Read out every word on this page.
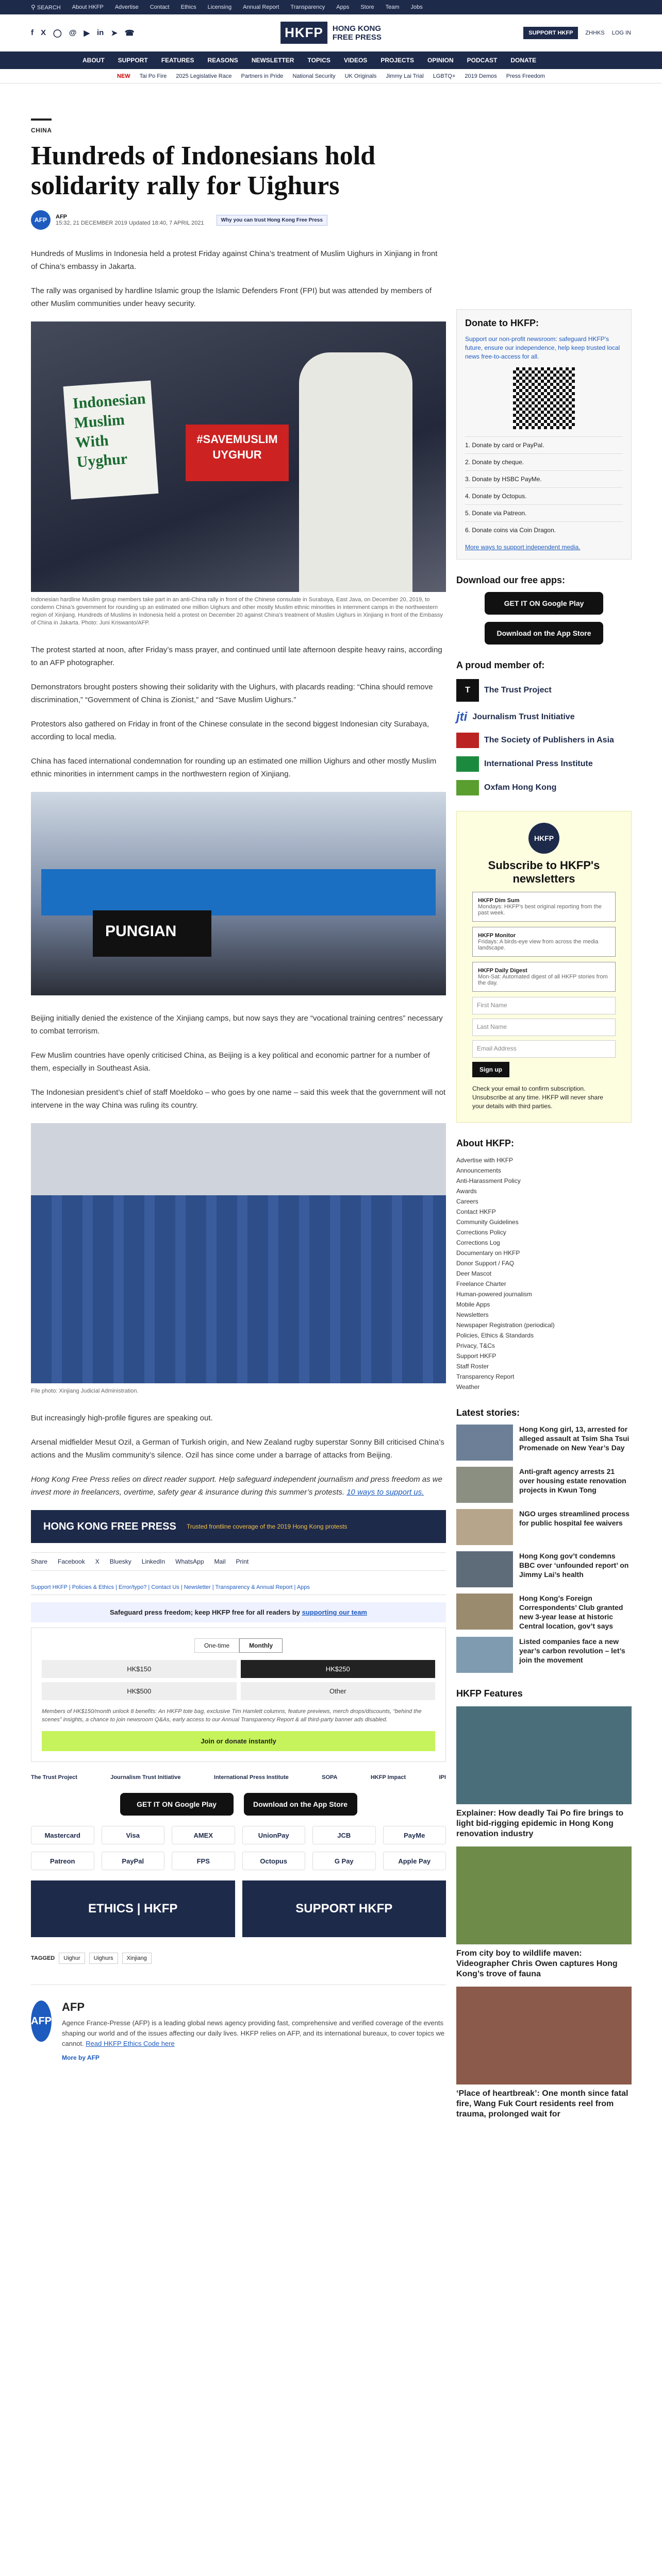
⚲ SEARCH About HKFP Advertise Contact Ethics Licensing Annual Report Transparency Apps Store Team Jobs
f X ◯ @ ▶ in ➤ ☎	HKFP	HONG KONG
FREE PRESS	SUPPORT HKFP	ZHHKS LOG IN
ABOUT SUPPORT FEATURES REASONS NEWSLETTER TOPICS VIDEOS PROJECTS OPINION PODCAST DONATE
NEW Tai Po Fire 2025 Legislative Race Partners in Pride National Security UK Originals Jimmy Lai Trial LGBTQ+ 2019 Demos Press Freedom
CHINA
Hundreds of Indonesians hold solidarity rally for Uighurs
AFP	AFP
15:32, 21 DECEMBER 2019 Updated 18:40, 7 APRIL 2021	Why you can trust Hong Kong Free Press

Hundreds of Muslims in Indonesia held a protest Friday against China’s treatment of Muslim Uighurs in Xinjiang in front of China’s embassy in Jakarta.

The rally was organised by hardline Islamic group the Islamic Defenders Front (FPI) but was attended by members of other Muslim communities under heavy security.

Indonesian Muslim With Uyghur
#SAVEMUSLIM UYGHUR
Indonesian hardline Muslim group members take part in an anti-China rally in front of the Chinese consulate in Surabaya, East Java, on December 20, 2019, to condemn China’s government for rounding up an estimated one million Uighurs and other mostly Muslim ethnic minorities in internment camps in the northwestern region of Xinjiang. Hundreds of Muslims in Indonesia held a protest on December 20 against China’s treatment of Muslim Uighurs in Xinjiang in front of the Embassy of China in Jakarta. Photo: Juni Kriswanto/AFP.

The protest started at noon, after Friday’s mass prayer, and continued until late afternoon despite heavy rains, according to an AFP photographer.

Demonstrators brought posters showing their solidarity with the Uighurs, with placards reading: “China should remove discrimination,” “Government of China is Zionist,” and “Save Muslim Uighurs.”

Protestors also gathered on Friday in front of the Chinese consulate in the second biggest Indonesian city Surabaya, according to local media.

China has faced international condemnation for rounding up an estimated one million Uighurs and other mostly Muslim ethnic minorities in internment camps in the northwestern region of Xinjiang.

PUNGIAN

Beijing initially denied the existence of the Xinjiang camps, but now says they are “vocational training centres” necessary to combat terrorism.

Few Muslim countries have openly criticised China, as Beijing is a key political and economic partner for a number of them, especially in Southeast Asia.

The Indonesian president’s chief of staff Moeldoko – who goes by one name – said this week that the government will not intervene in the way China was ruling its country.

File photo: Xinjiang Judicial Administration.

But increasingly high-profile figures are speaking out.

Arsenal midfielder Mesut Ozil, a German of Turkish origin, and New Zealand rugby superstar Sonny Bill criticised China’s actions and the Muslim community’s silence. Ozil has since come under a barrage of attacks from Beijing.

Hong Kong Free Press relies on direct reader support. Help safeguard independent journalism and press freedom as we invest more in freelancers, overtime, safety gear & insurance during this summer’s protests. 10 ways to support us.

HONG KONG FREE PRESS Trusted frontline coverage of the 2019 Hong Kong protests
Share Facebook X Bluesky LinkedIn WhatsApp Mail Print
Support HKFP | Policies & Ethics | Error/typo? | Contact Us | Newsletter | Transparency & Annual Report | Apps
Safeguard press freedom; keep HKFP free for all readers by supporting our team
One-time	Monthly
HK$150	HK$250
HK$500	Other

Members of HK$150/month unlock 8 benefits: An HKFP tote bag, exclusive Tim Hamlett columns, feature previews, merch drops/discounts, “behind the scenes” insights, a chance to join newsroom Q&As, early access to our Annual Transparency Report & all third-party banner ads disabled.

Join or donate instantly
The Trust Project	Journalism Trust Initiative	International Press Institute	SOPA	HKFP Impact	IPI
GET IT ON Google Play	Download on the App Store
Mastercard	Visa	AMEX	UnionPay	JCB	PayMe
Patreon	PayPal	FPS	Octopus	G Pay	Apple Pay
ETHICS | HKFP	SUPPORT HKFP
TAGGED	Uighur	Uighurs	Xinjiang
AFP
AFP

Agence France-Presse (AFP) is a leading global news agency providing fast, comprehensive and verified coverage of the events shaping our world and of the issues affecting our daily lives. HKFP relies on AFP, and its international bureaux, to cover topics we cannot. Read HKFP Ethics Code here

More by AFP
Donate to HKFP:

Support our non-profit newsroom: safeguard HKFP's future, ensure our independence, help keep trusted local news free-to-access for all.

1. Donate by card or PayPal.
2. Donate by cheque.
3. Donate by HSBC PayMe.
4. Donate by Octopus.
5. Donate via Patreon.
6. Donate coins via Coin Dragon.
More ways to support independent media.
Download our free apps:
GET IT ON Google Play
Download on the App Store
A proud member of:
T	The Trust Project
jti Journalism Trust Initiative
The Society of Publishers in Asia
International Press Institute
Oxfam Hong Kong
HKFP
Subscribe to HKFP's newsletters
HKFP Dim Sum
Mondays: HKFP's best original reporting from the past week.
HKFP Monitor
Fridays: A birds-eye view from across the media landscape.
HKFP Daily Digest
Mon-Sat: Automated digest of all HKFP stories from the day.
First Name
Last Name
Email Address
Sign up

Check your email to confirm subscription. Unsubscribe at any time. HKFP will never share your details with third parties.

About HKFP:
Advertise with HKFP
Announcements
Anti-Harassment Policy
Awards
Careers
Contact HKFP
Community Guidelines
Corrections Policy
Corrections Log
Documentary on HKFP
Donor Support / FAQ
Deer Mascot
Freelance Charter
Human-powered journalism
Mobile Apps
Newsletters
Newspaper Registration (periodical)
Policies, Ethics & Standards
Privacy, T&Cs
Support HKFP
Staff Roster
Transparency Report
Weather
Latest stories:
Hong Kong girl, 13, arrested for alleged assault at Tsim Sha Tsui Promenade on New Year’s Day
Anti-graft agency arrests 21 over housing estate renovation projects in Kwun Tong
NGO urges streamlined process for public hospital fee waivers
Hong Kong gov’t condemns BBC over ‘unfounded report’ on Jimmy Lai’s health
Hong Kong’s Foreign Correspondents’ Club granted new 3-year lease at historic Central location, gov’t says
Listed companies face a new year’s carbon revolution – let’s join the movement
HKFP Features
Explainer: How deadly Tai Po fire brings to light bid-rigging epidemic in Hong Kong renovation industry
From city boy to wildlife maven: Videographer Chris Owen captures Hong Kong’s trove of fauna
‘Place of heartbreak’: One month since fatal fire, Wang Fuk Court residents reel from trauma, prolonged wait for
